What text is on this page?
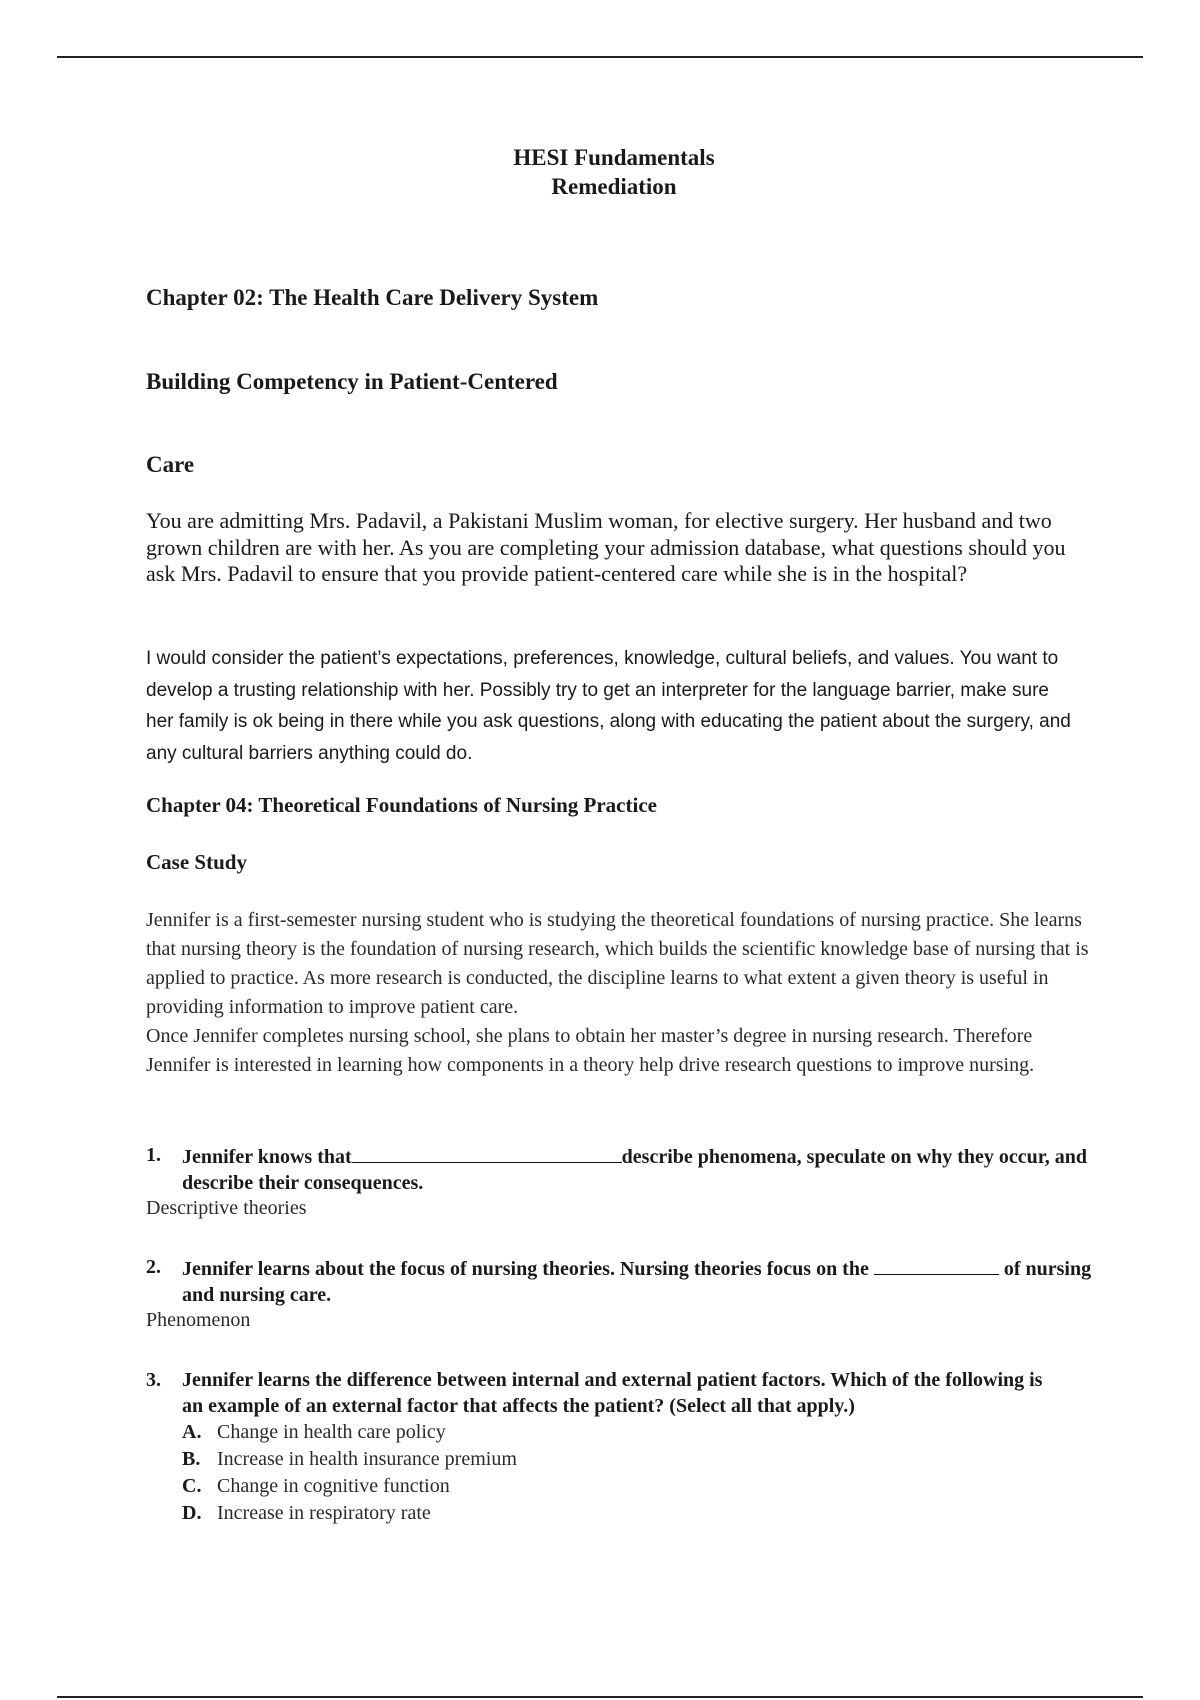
HESI Fundamentals
Remediation
Chapter 02: The Health Care Delivery System
Building Competency in Patient-Centered
Care
You are admitting Mrs. Padavil, a Pakistani Muslim woman, for elective surgery. Her husband and two grown children are with her. As you are completing your admission database, what questions should you ask Mrs. Padavil to ensure that you provide patient-centered care while she is in the hospital?
I would consider the patient’s expectations, preferences, knowledge, cultural beliefs, and values. You want to develop a trusting relationship with her. Possibly try to get an interpreter for the language barrier, make sure her family is ok being in there while you ask questions, along with educating the patient about the surgery, and any cultural barriers anything could do.
Chapter 04: Theoretical Foundations of Nursing Practice
Case Study
Jennifer is a first-semester nursing student who is studying the theoretical foundations of nursing practice. She learns that nursing theory is the foundation of nursing research, which builds the scientific knowledge base of nursing that is applied to practice. As more research is conducted, the discipline learns to what extent a given theory is useful in providing information to improve patient care.
Once Jennifer completes nursing school, she plans to obtain her master’s degree in nursing research. Therefore Jennifer is interested in learning how components in a theory help drive research questions to improve nursing.
1.	Jennifer knows that	describe phenomena, speculate on why they occur, and describe their consequences.
Descriptive theories
2.	Jennifer learns about the focus of nursing theories. Nursing theories focus on the	of nursing and nursing care.
Phenomenon
3.	Jennifer learns the difference between internal and external patient factors. Which of the following is an example of an external factor that affects the patient? (Select all that apply.)
A. Change in health care policy
B. Increase in health insurance premium
C. Change in cognitive function
D. Increase in respiratory rate
